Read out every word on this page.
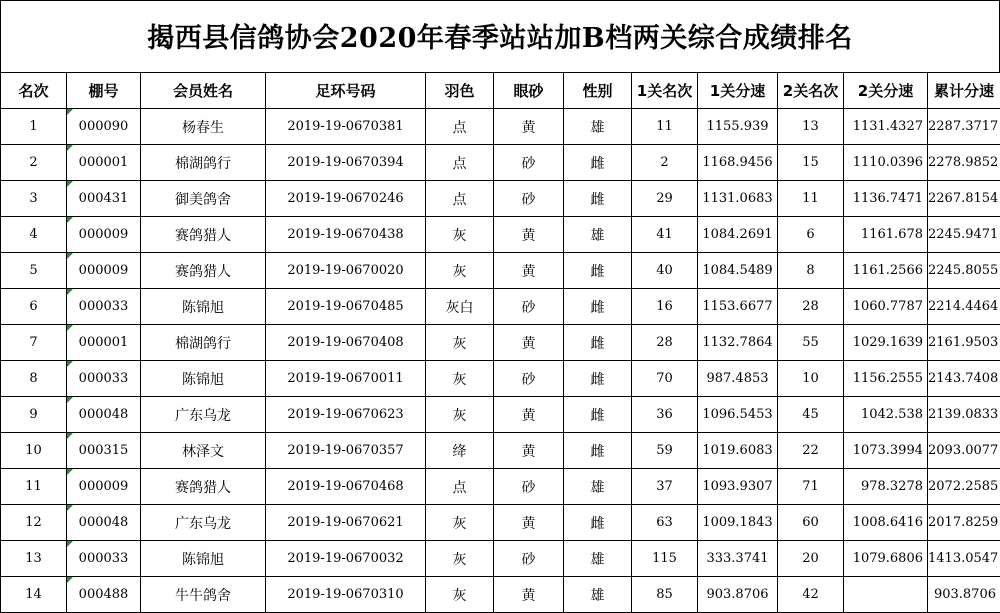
揭西县信鸽协会2020年春季站站加B档两关综合成绩排名
名次	棚号	会员姓名	足环号码	羽色	眼砂	性别	1关名次	1关分速	2关名次	2关分速	累计分速
1	000090	杨春生	2019-19-0670381	点	黄	雄	11	1155.939	13	1131.4327	2287.3717
2	000001	棉湖鸽行	2019-19-0670394	点	砂	雌	2	1168.9456	15	1110.0396	2278.9852
3	000431	御美鸽舍	2019-19-0670246	点	砂	雌	29	1131.0683	11	1136.7471	2267.8154
4	000009	赛鸽猎人	2019-19-0670438	灰	黄	雄	41	1084.2691	6	1161.678	2245.9471
5	000009	赛鸽猎人	2019-19-0670020	灰	黄	雌	40	1084.5489	8	1161.2566	2245.8055
6	000033	陈锦旭	2019-19-0670485	灰白	砂	雌	16	1153.6677	28	1060.7787	2214.4464
7	000001	棉湖鸽行	2019-19-0670408	灰	黄	雌	28	1132.7864	55	1029.1639	2161.9503
8	000033	陈锦旭	2019-19-0670011	灰	砂	雌	70	987.4853	10	1156.2555	2143.7408
9	000048	广东乌龙	2019-19-0670623	灰	黄	雌	36	1096.5453	45	1042.538	2139.0833
10	000315	林泽文	2019-19-0670357	绛	黄	雌	59	1019.6083	22	1073.3994	2093.0077
11	000009	赛鸽猎人	2019-19-0670468	点	砂	雄	37	1093.9307	71	978.3278	2072.2585
12	000048	广东乌龙	2019-19-0670621	灰	黄	雌	63	1009.1843	60	1008.6416	2017.8259
13	000033	陈锦旭	2019-19-0670032	灰	砂	雄	115	333.3741	20	1079.6806	1413.0547
14	000488	牛牛鸽舍	2019-19-0670310	灰	黄	雄	85	903.8706	42		903.8706
